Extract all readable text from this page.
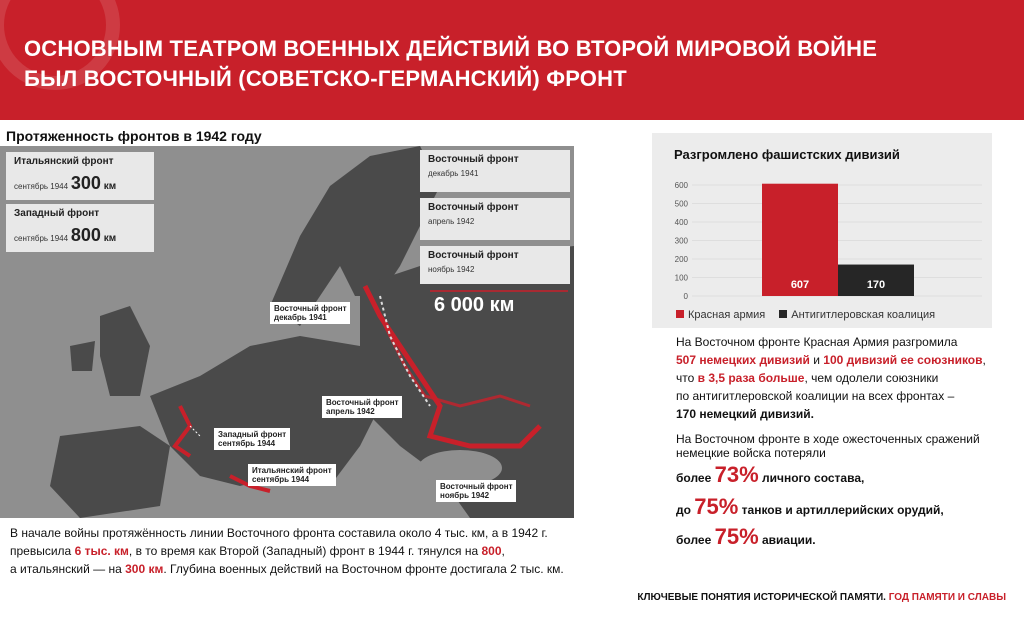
ОСНОВНЫМ ТЕАТРОМ ВОЕННЫХ ДЕЙСТВИЙ ВО ВТОРОЙ МИРОВОЙ ВОЙНЕ
БЫЛ ВОСТОЧНЫЙ (СОВЕТСКО-ГЕРМАНСКИЙ) ФРОНТ
Протяженность фронтов в 1942 году
Итальянский фронт
сентябрь 1944 300 км
Западный фронт
сентябрь 1944 800 км
Восточный фронт
декабрь 1941
Восточный фронт
апрель 1942
Восточный фронт
ноябрь 1942
6 000 км
Восточный фронт
декабрь 1941
Восточный фронт
апрель 1942
Западный фронт
сентябрь 1944
Итальянский фронт
сентябрь 1944
Восточный фронт
ноябрь 1942
В начале войны протяжённость линии Восточного фронта составила около 4 тыс. км, а в 1942 г.
превысила 6 тыс. км, в то время как Второй (Западный) фронт в 1944 г. тянулся на 800,
а итальянский — на 300 км. Глубина военных действий на Восточном фронте достигала 2 тыс. км.
Разгромлено фашистских дивизий
600
500
400
300
200
100
0
607	170
Красная армия	Антигитлеровская коалиция
На Восточном фронте Красная Армия разгромила
507 немецких дивизий и 100 дивизий ее союзников,
что в 3,5 раза больше, чем одолели союзники
по антигитлеровской коалиции на всех фронтах –
170 немецкий дивизий.
На Восточном фронте в ходе ожесточенных сражений
немецкие войска потеряли
более 73% личного состава,
до 75% танков и артиллерийских орудий,
более 75% авиации.
КЛЮЧЕВЫЕ ПОНЯТИЯ ИСТОРИЧЕСКОЙ ПАМЯТИ. ГОД ПАМЯТИ И СЛАВЫ
